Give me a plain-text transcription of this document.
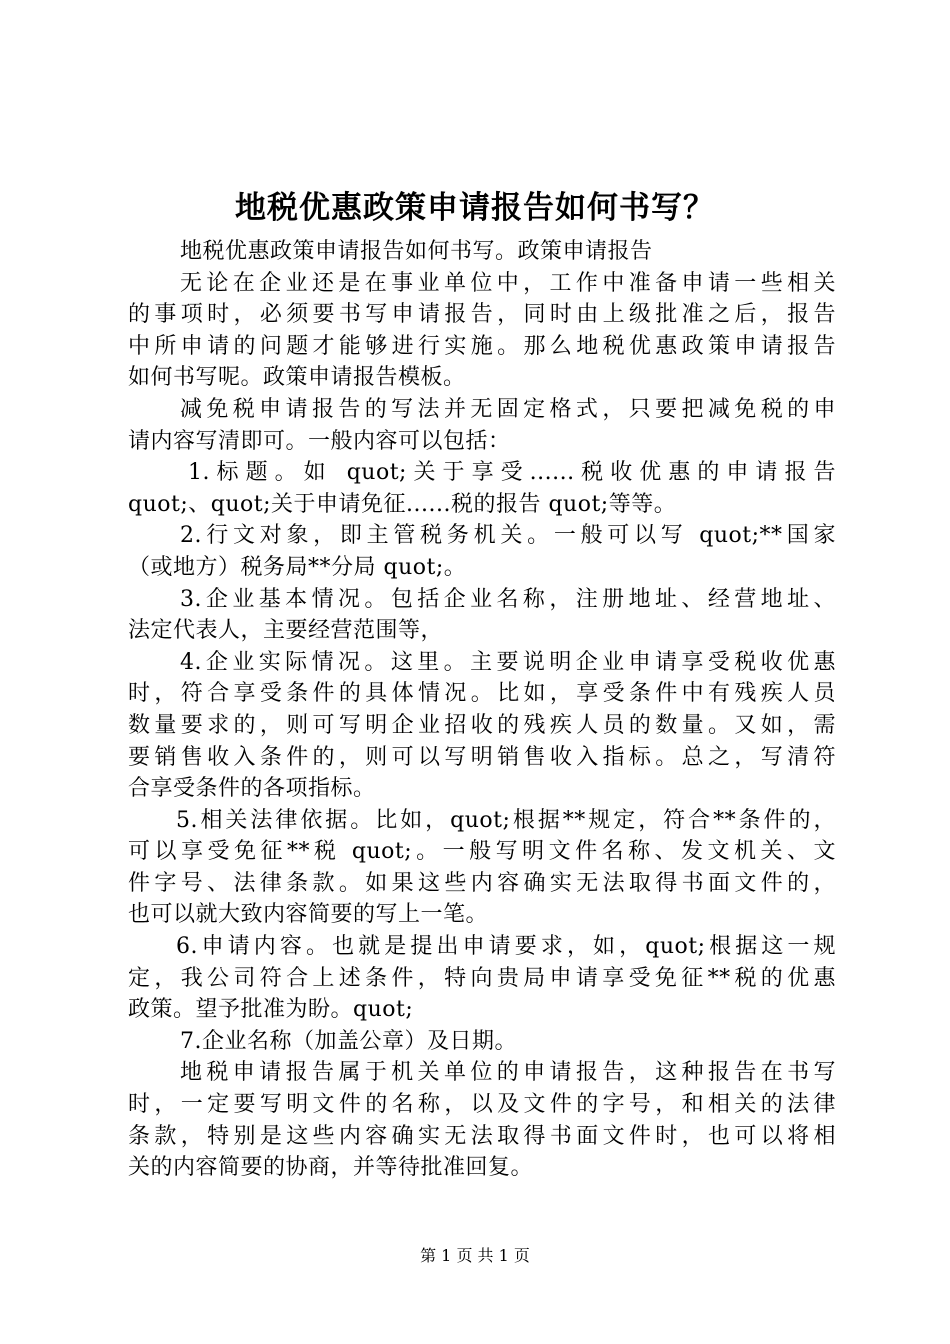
地税优惠政策申请报告如何书写？
地税优惠政策申请报告如何书写。政策申请报告
无论在企业还是在事业单位中，工作中准备申请一些相关
的事项时，必须要书写申请报告，同时由上级批准之后，报告
中所申请的问题才能够进行实施。那么地税优惠政策申请报告
如何书写呢。政策申请报告模板。
减免税申请报告的写法并无固定格式，只要把减免税的申
请内容写清即可。一般内容可以包括：
1.标题。如 quot;关于享受......税收优惠的申请报告
quot;、quot;关于申请免征......税的报告 quot;等等。
2.行文对象，即主管税务机关。一般可以写 quot;**国家
（或地方）税务局**分局 quot;。
3.企业基本情况。包括企业名称，注册地址、经营地址、
法定代表人，主要经营范围等，
4.企业实际情况。这里。主要说明企业申请享受税收优惠
时，符合享受条件的具体情况。比如，享受条件中有残疾人员
数量要求的，则可写明企业招收的残疾人员的数量。又如，需
要销售收入条件的，则可以写明销售收入指标。总之，写清符
合享受条件的各项指标。
5.相关法律依据。比如，quot;根据**规定，符合**条件的，
可以享受免征**税 quot;。一般写明文件名称、发文机关、文
件字号、法律条款。如果这些内容确实无法取得书面文件的，
也可以就大致内容简要的写上一笔。
6.申请内容。也就是提出申请要求，如，quot;根据这一规
定，我公司符合上述条件，特向贵局申请享受免征**税的优惠
政策。望予批准为盼。quot;
7.企业名称（加盖公章）及日期。
地税申请报告属于机关单位的申请报告，这种报告在书写
时，一定要写明文件的名称，以及文件的字号，和相关的法律
条款，特别是这些内容确实无法取得书面文件时，也可以将相
关的内容简要的协商，并等待批准回复。
第 1 页 共 1 页
